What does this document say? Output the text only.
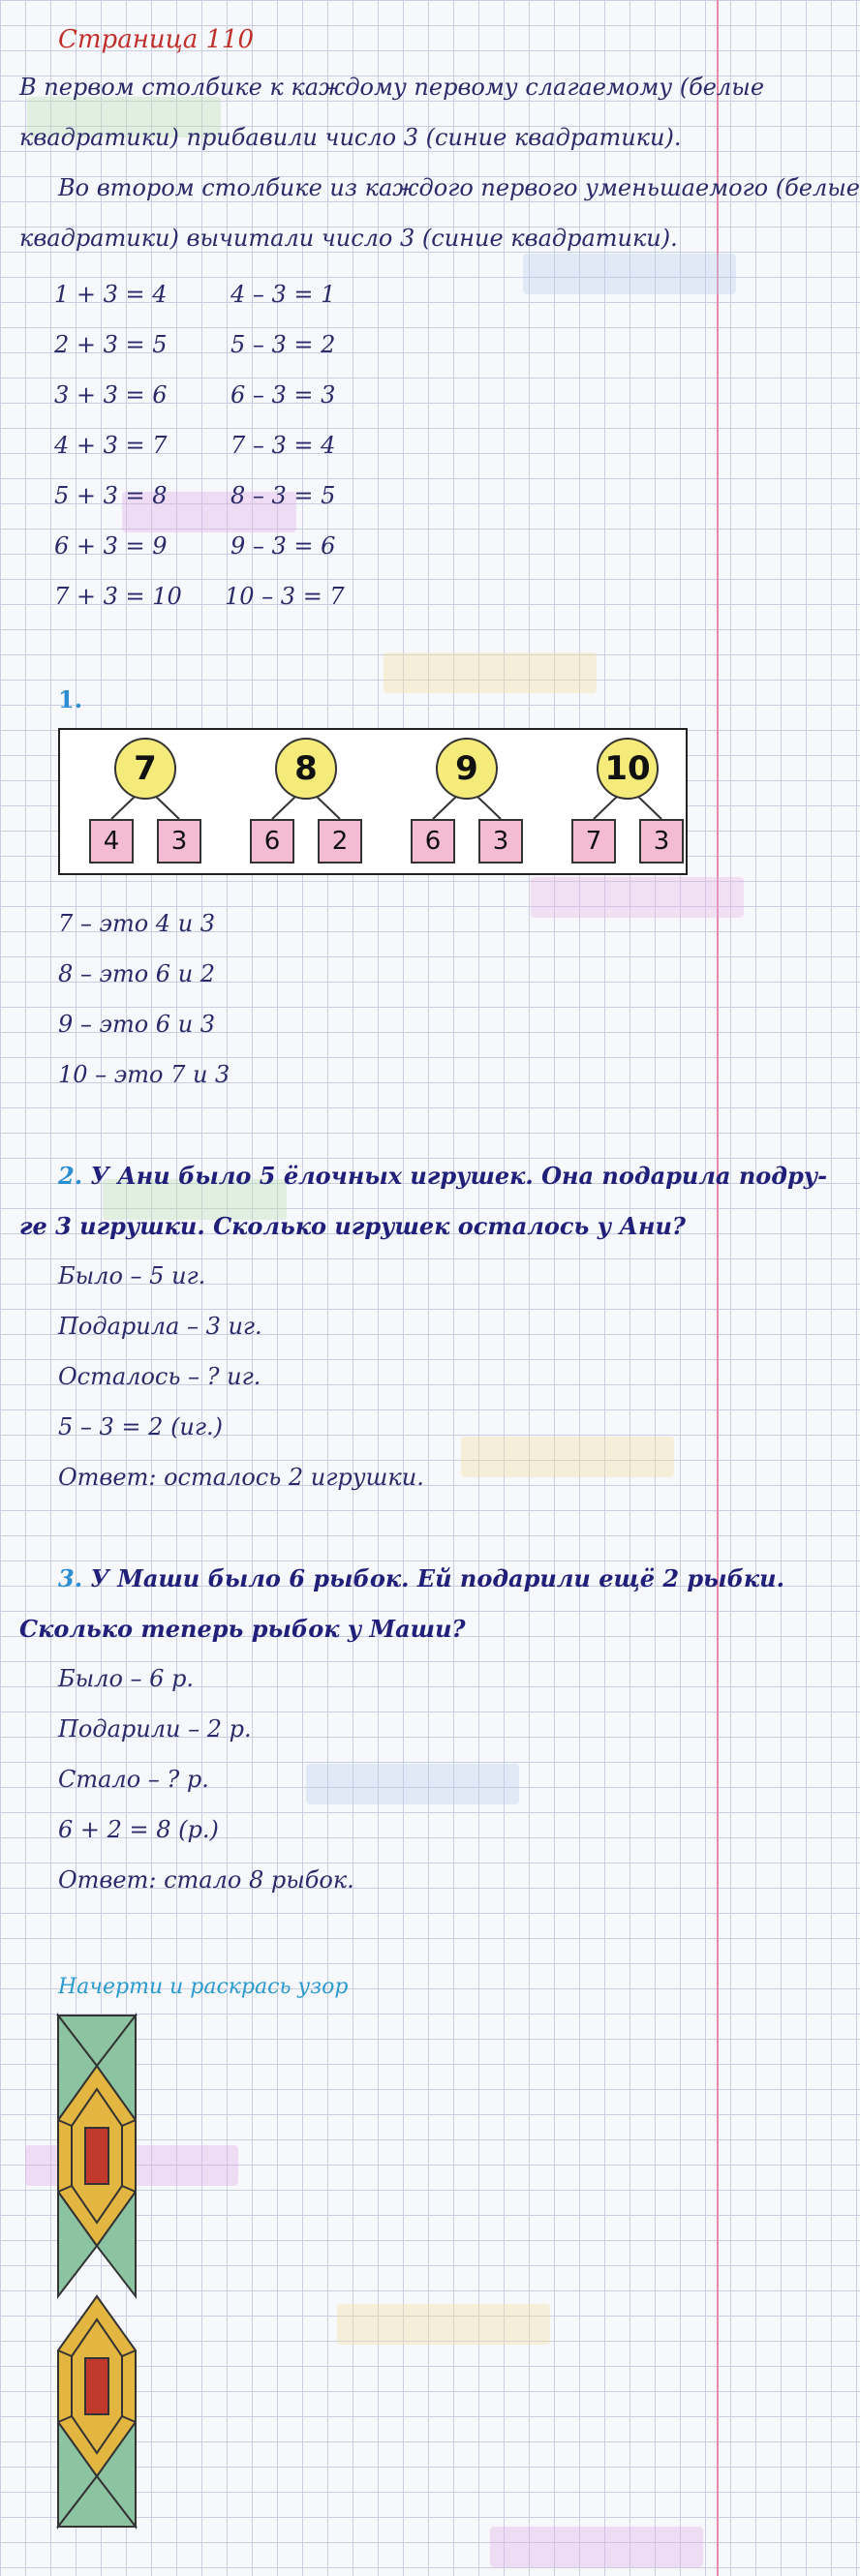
Страница 110
В первом столбике к каждому первому слагаемому (белые
квадратики) прибавили число 3 (синие квадратики).
Во втором столбике из каждого первого уменьшаемого (белые
квадратики) вычитали число 3 (синие квадратики).
1 + 3 = 4	4 – 3 = 1
2 + 3 = 5	5 – 3 = 2
3 + 3 = 6	6 – 3 = 3
4 + 3 = 7	7 – 3 = 4
5 + 3 = 8	8 – 3 = 5
6 + 3 = 9	9 – 3 = 6
7 + 3 = 10 10 – 3 = 7
1.
7
4	3
8
6	2
9
6	3
10
7	3
7 – это 4 и 3
8 – это 6 и 2
9 – это 6 и 3
10 – это 7 и 3
2. У Ани было 5 ёлочных игрушек. Она подарила подру-
ге 3 игрушки. Сколько игрушек осталось у Ани?
Было – 5 иг.
Подарила – 3 иг.
Осталось – ? иг.
5 – 3 = 2 (иг.)
Ответ: осталось 2 игрушки.
3. У Маши было 6 рыбок. Ей подарили ещё 2 рыбки.
Сколько теперь рыбок у Маши?
Было – 6 р.
Подарили – 2 р.
Стало – ? р.
6 + 2 = 8 (р.)
Ответ: стало 8 рыбок.
Начерти и раскрась узор
